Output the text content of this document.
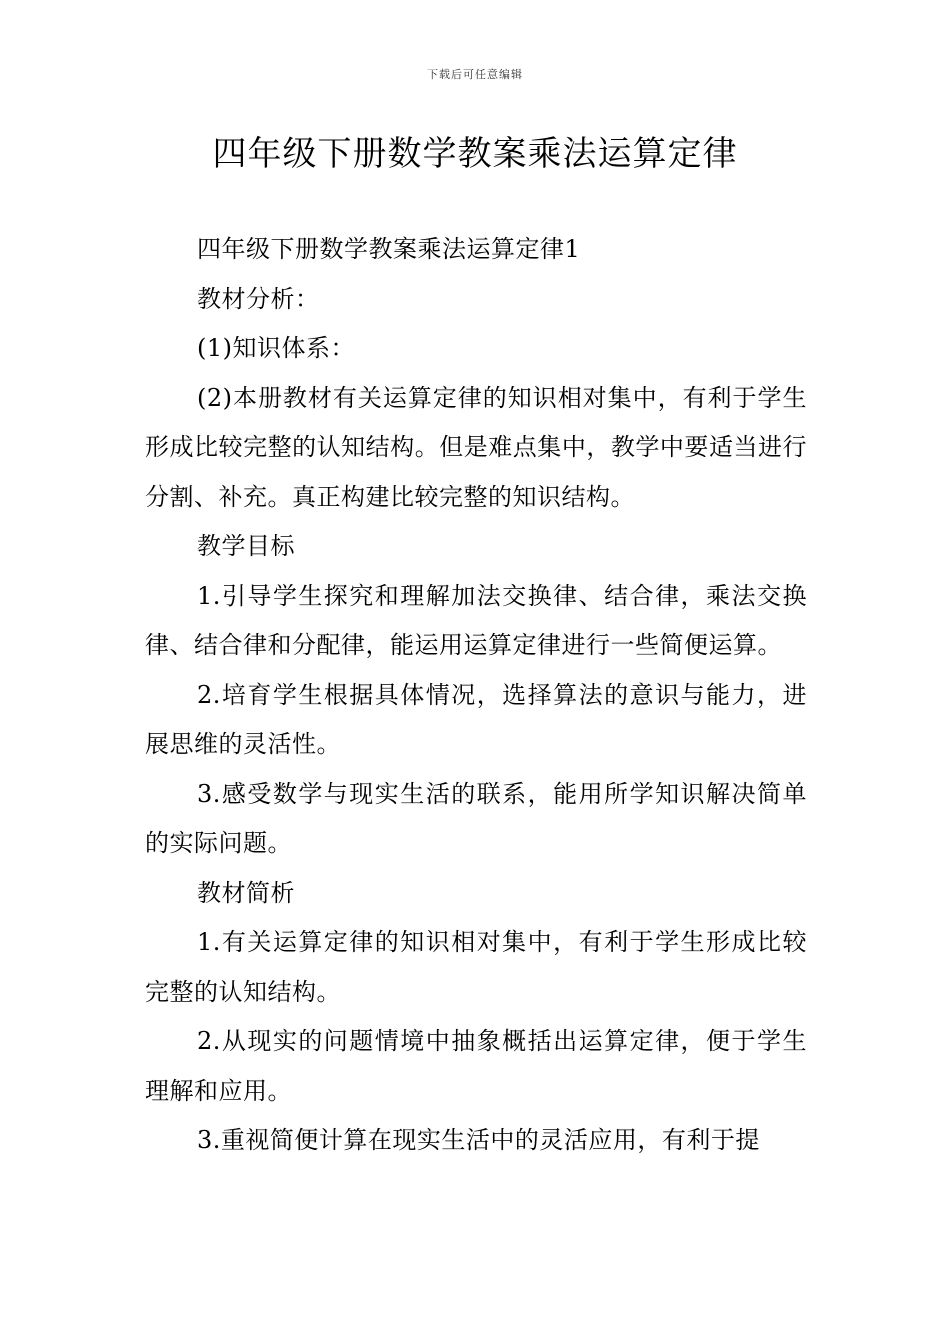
下载后可任意编辑
四年级下册数学教案乘法运算定律

四年级下册数学教案乘法运算定律1

教材分析：

(1)知识体系：

(2)本册教材有关运算定律的知识相对集中，有利于学生形成比较完整的认知结构。但是难点集中，教学中要适当进行分割、补充。真正构建比较完整的知识结构。

教学目标

1.引导学生探究和理解加法交换律、结合律，乘法交换律、结合律和分配律，能运用运算定律进行一些简便运算。

2.培育学生根据具体情况，选择算法的意识与能力，进展思维的灵活性。

3.感受数学与现实生活的联系，能用所学知识解决简单的实际问题。

教材简析

1.有关运算定律的知识相对集中，有利于学生形成比较完整的认知结构。

2.从现实的问题情境中抽象概括出运算定律，便于学生理解和应用。

3.重视简便计算在现实生活中的灵活应用，有利于提
